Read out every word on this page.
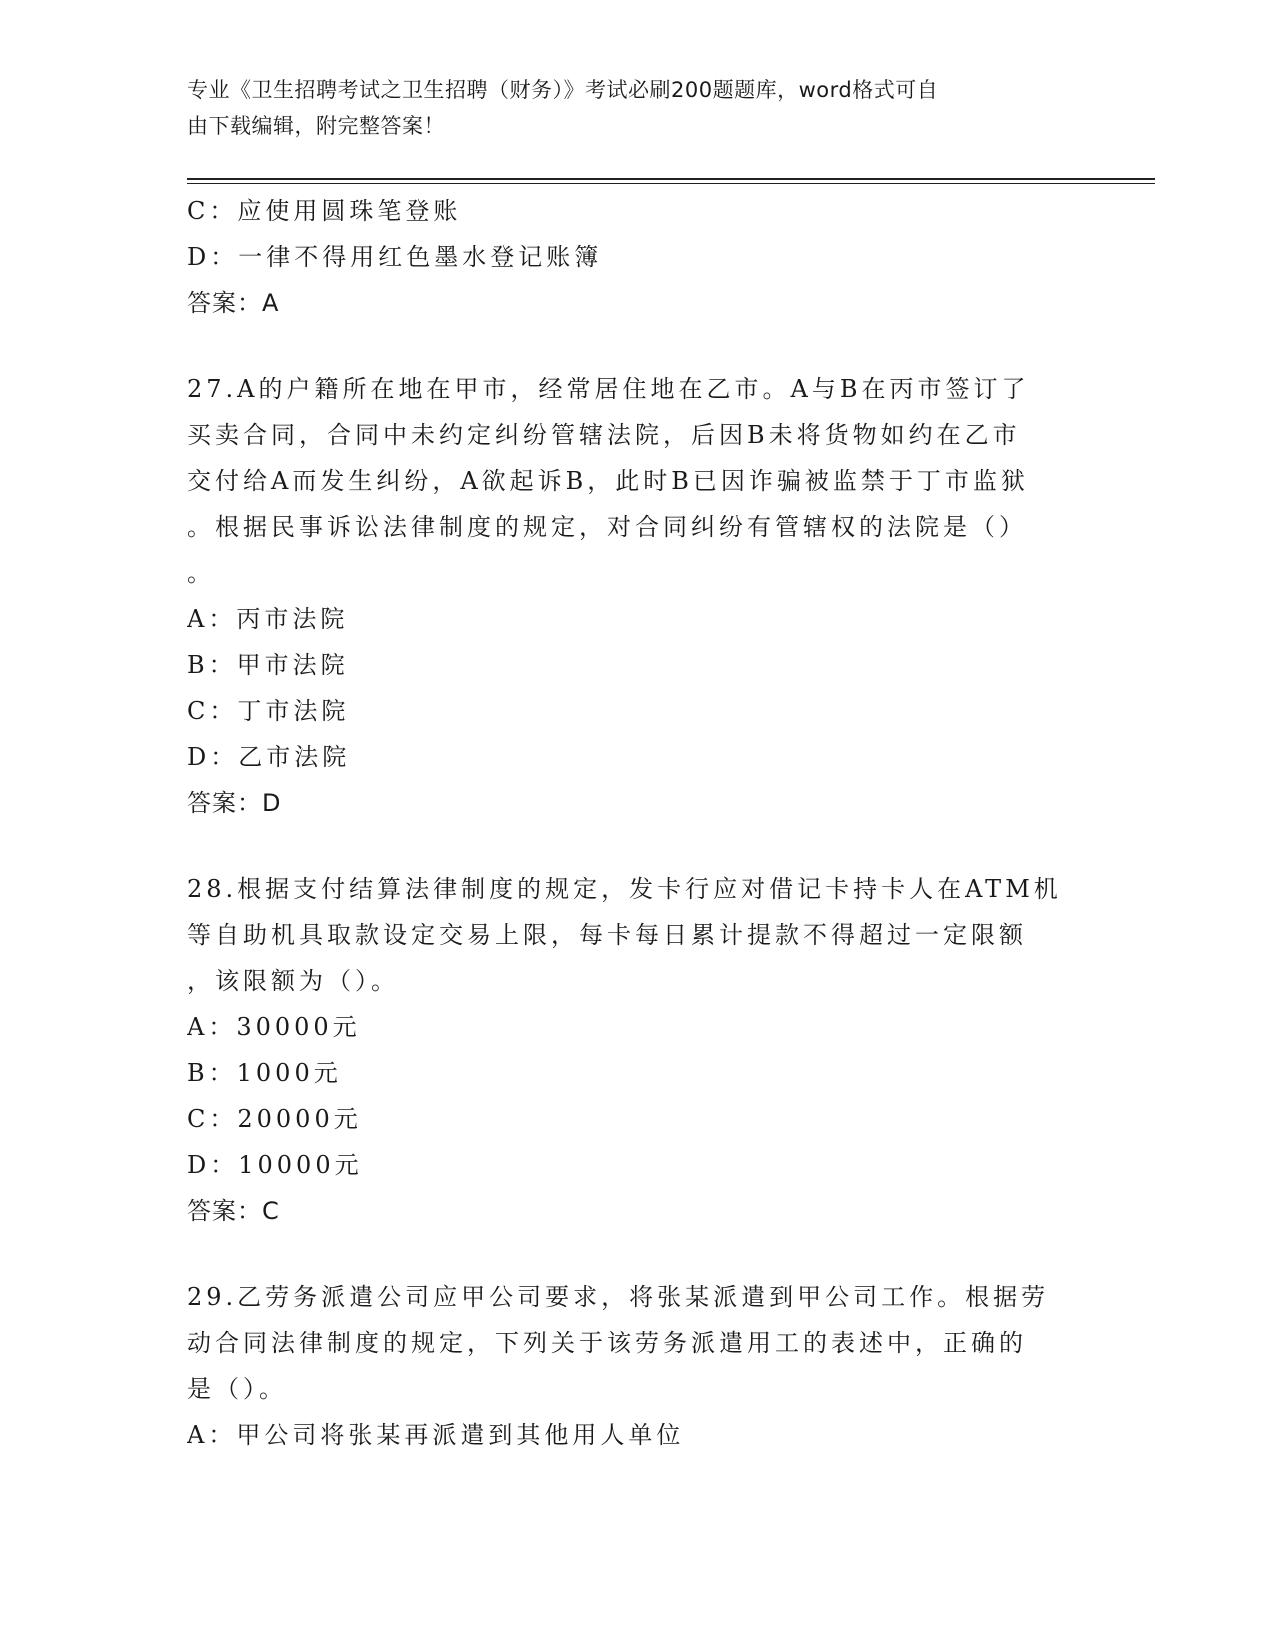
专业《卫生招聘考试之卫生招聘（财务）》考试必刷200题题库，word格式可自
由下载编辑，附完整答案！
C：应使用圆珠笔登账
D：一律不得用红色墨水登记账簿
答案：A
27.A的户籍所在地在甲市，经常居住地在乙市。A与B在丙市签订了
买卖合同，合同中未约定纠纷管辖法院，后因B未将货物如约在乙市
交付给A而发生纠纷，A欲起诉B，此时B已因诈骗被监禁于丁市监狱
。根据民事诉讼法律制度的规定，对合同纠纷有管辖权的法院是（）
。
A：丙市法院
B：甲市法院
C：丁市法院
D：乙市法院
答案：D
28.根据支付结算法律制度的规定，发卡行应对借记卡持卡人在ATM机
等自助机具取款设定交易上限，每卡每日累计提款不得超过一定限额
，该限额为（）。
A：30000元
B：1000元
C：20000元
D：10000元
答案：C
29.乙劳务派遣公司应甲公司要求，将张某派遣到甲公司工作。根据劳
动合同法律制度的规定，下列关于该劳务派遣用工的表述中，正确的
是（）。
A：甲公司将张某再派遣到其他用人单位
